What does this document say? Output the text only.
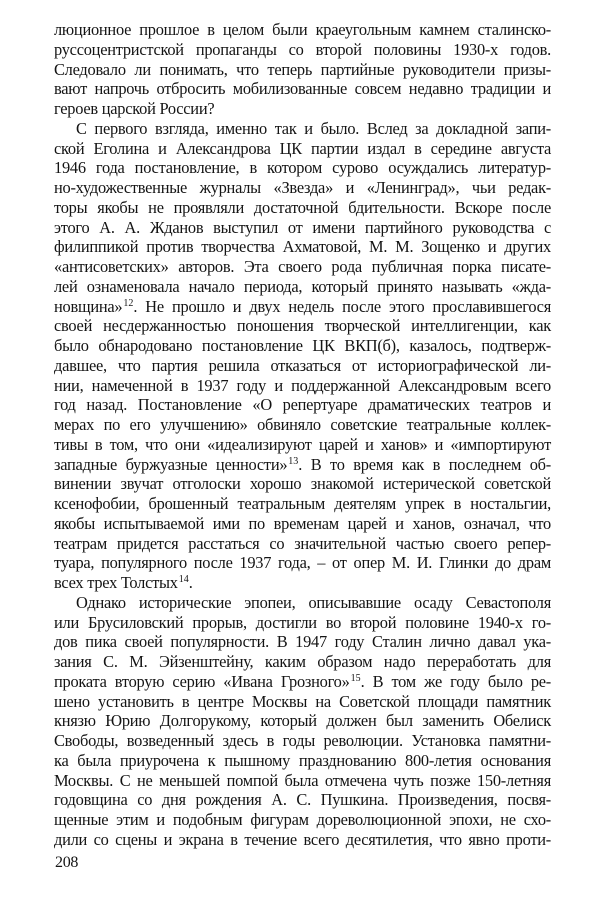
люционное прошлое в целом были краеугольным камнем сталинско-
руссоцентристской пропаганды со второй половины 1930-х годов.
Следовало ли понимать, что теперь партийные руководители призы-
вают напрочь отбросить мобилизованные совсем недавно традиции и
героев царской России?
С первого взгляда, именно так и было. Вслед за докладной запи-
ской Еголина и Александрова ЦК партии издал в середине августа
1946 года постановление, в котором сурово осуждались литератур-
но-художественные журналы «Звезда» и «Ленинград», чьи редак-
торы якобы не проявляли достаточной бдительности. Вскоре после
этого А. А. Жданов выступил от имени партийного руководства с
филиппикой против творчества Ахматовой, М. М. Зощенко и других
«антисоветских» авторов. Эта своего рода публичная порка писате-
лей ознаменовала начало периода, который принято называть «жда-
новщина»$^{12}$. Не прошло и двух недель после этого прославившегося
своей несдержанностью поношения творческой интеллигенции, как
было обнародовано постановление ЦК ВКП(б), казалось, подтверж-
давшее, что партия решила отказаться от историографической ли-
нии, намеченной в 1937 году и поддержанной Александровым всего
год назад. Постановление «О репертуаре драматических театров и
мерах по его улучшению» обвиняло советские театральные коллек-
тивы в том, что они «идеализируют царей и ханов» и «импортируют
западные буржуазные ценности»$^{13}$. В то время как в последнем об-
винении звучат отголоски хорошо знакомой истерической советской
ксенофобии, брошенный театральным деятелям упрек в ностальгии,
якобы испытываемой ими по временам царей и ханов, означал, что
театрам придется расстаться со значительной частью своего репер-
туара, популярного после 1937 года, – от опер М. И. Глинки до драм
всех трех Толстых$^{14}$.
Однако исторические эпопеи, описывавшие осаду Севастополя
или Брусиловский прорыв, достигли во второй половине 1940-х го-
дов пика своей популярности. В 1947 году Сталин лично давал ука-
зания С. М. Эйзенштейну, каким образом надо переработать для
проката вторую серию «Ивана Грозного»$^{15}$. В том же году было ре-
шено установить в центре Москвы на Советской площади памятник
князю Юрию Долгорукому, который должен был заменить Обелиск
Свободы, возведенный здесь в годы революции. Установка памятни-
ка была приурочена к пышному празднованию 800-летия основания
Москвы. С не меньшей помпой была отмечена чуть позже 150-летняя
годовщина со дня рождения А. С. Пушкина. Произведения, посвя-
щенные этим и подобным фигурам дореволюционной эпохи, не схо-
дили со сцены и экрана в течение всего десятилетия, что явно проти-
208
